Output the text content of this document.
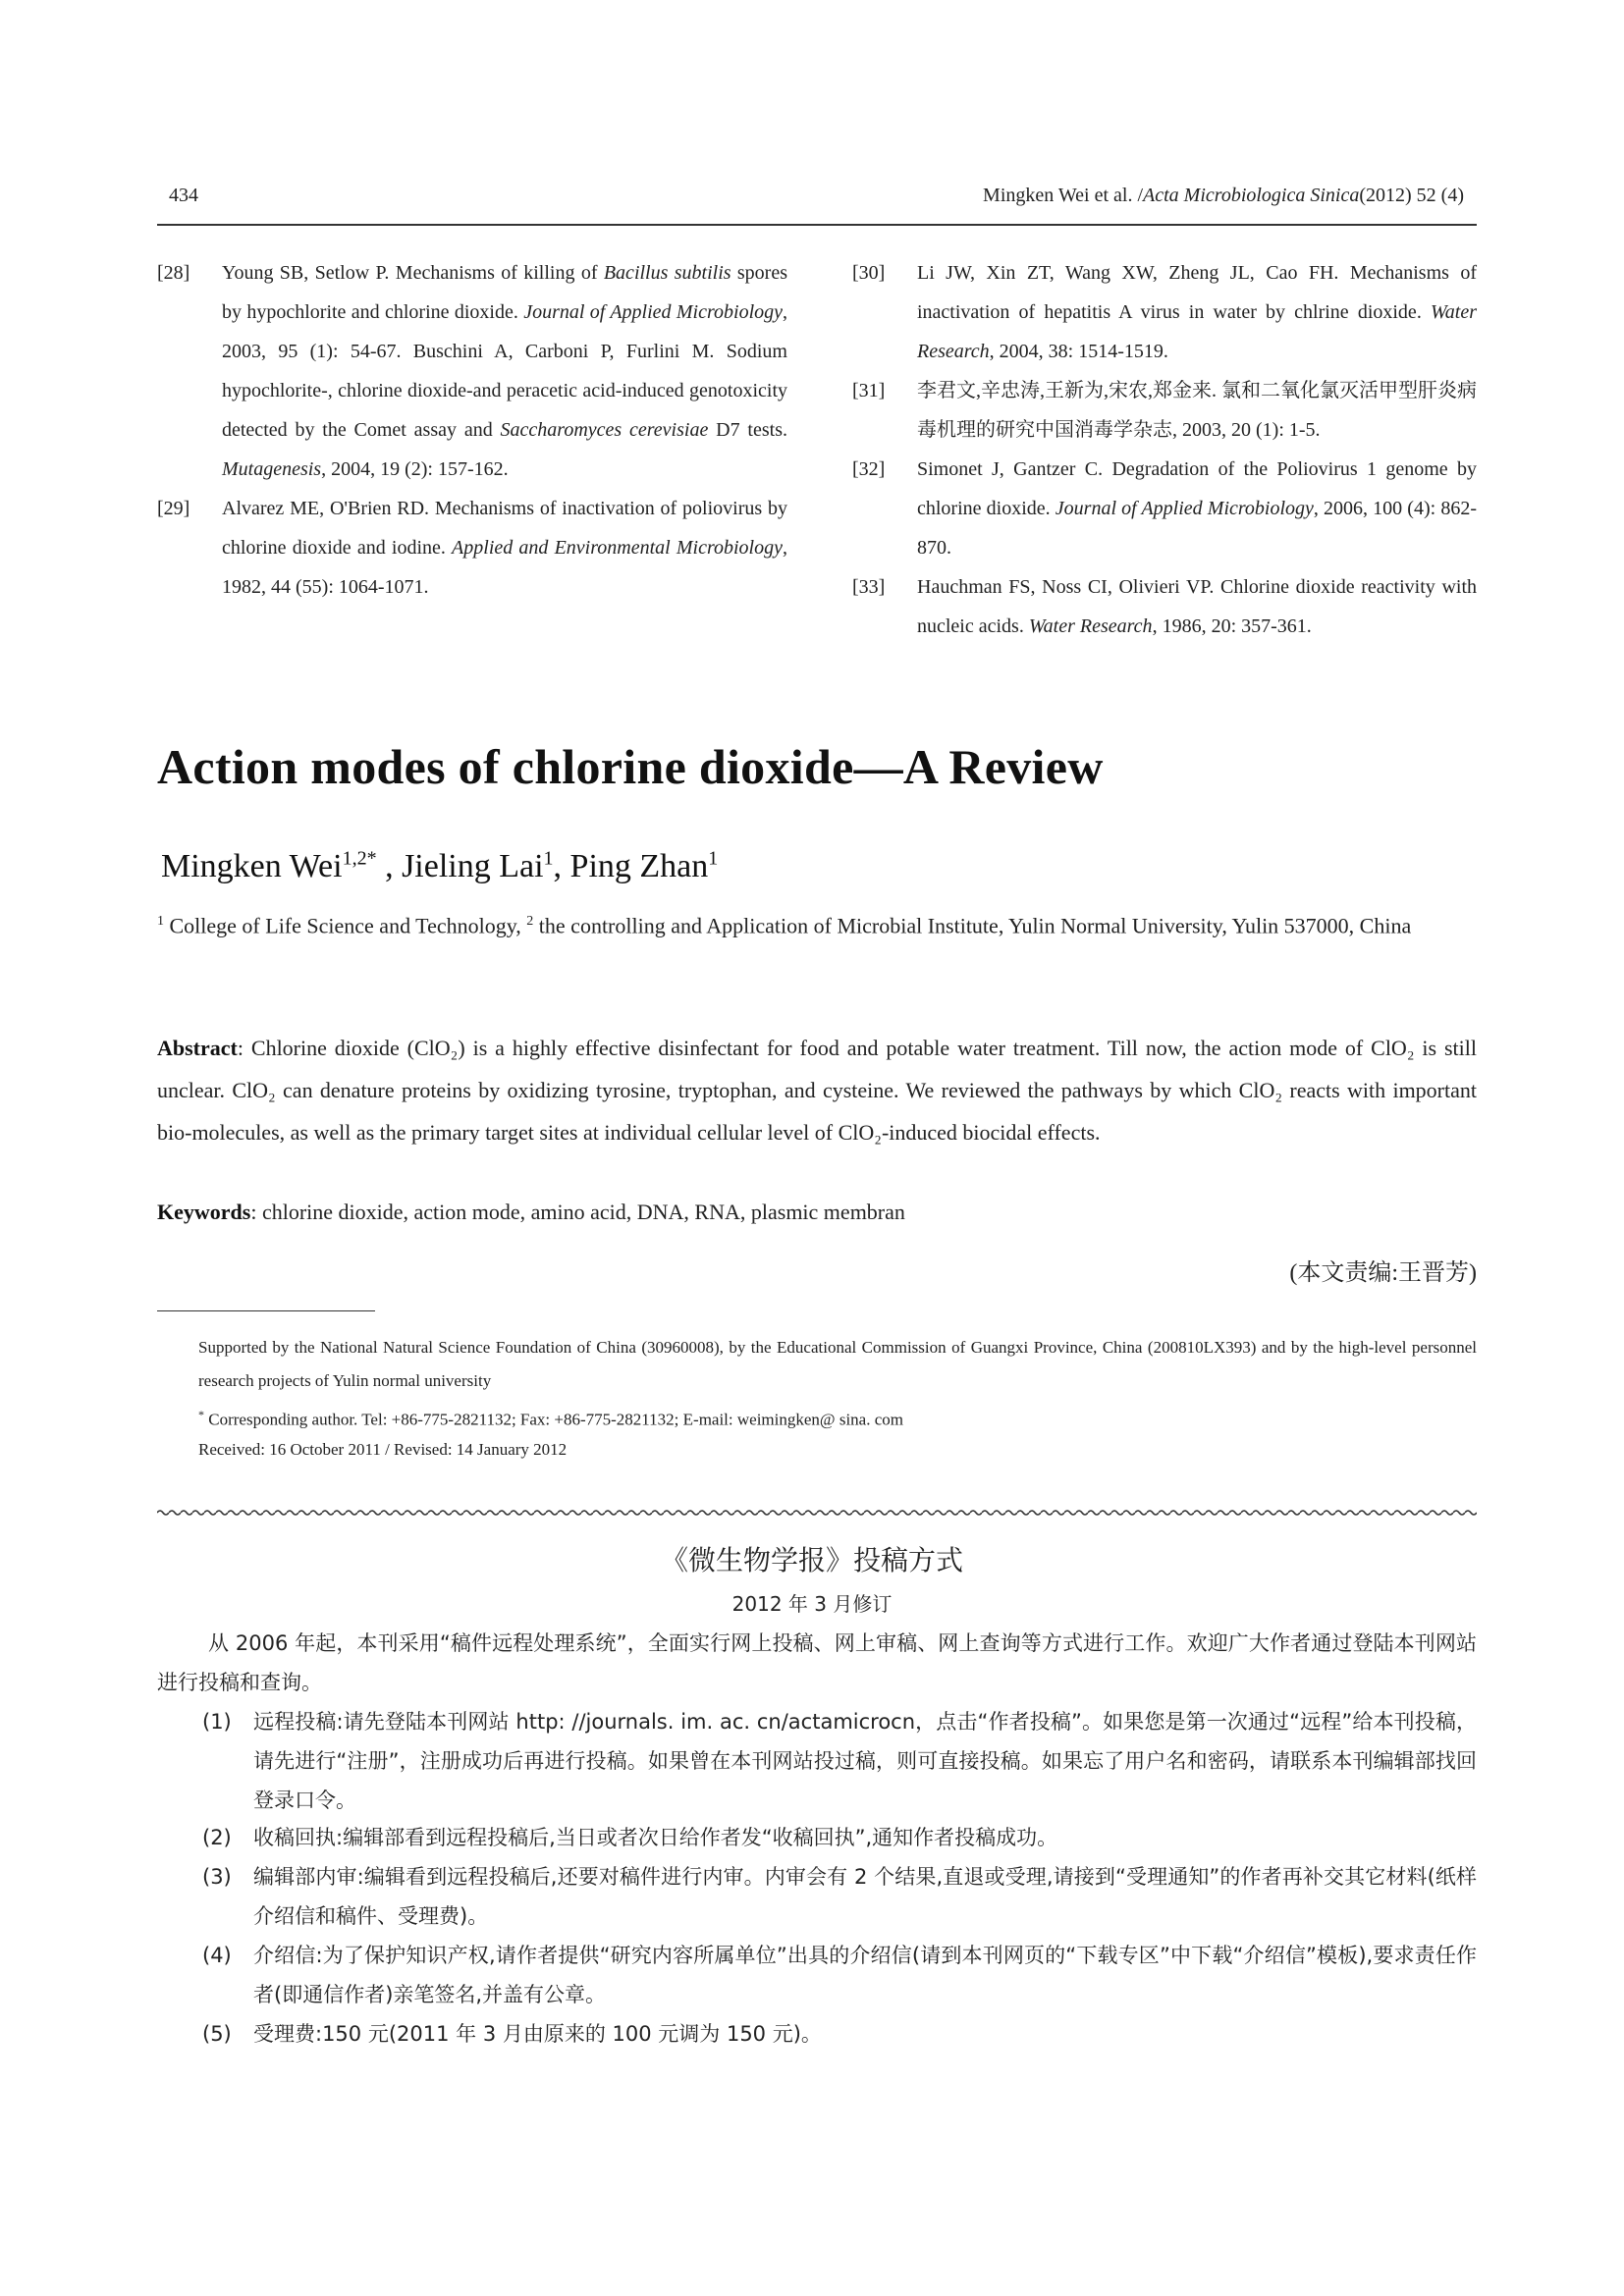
434	Mingken Wei et al. /Acta Microbiologica Sinica(2012) 52 (4)
[28]	Young SB, Setlow P. Mechanisms of killing of Bacillus subtilis spores by hypochlorite and chlorine dioxide. Journal of Applied Microbiology, 2003, 95 (1): 54-67. Buschini A, Carboni P, Furlini M. Sodium hypochlorite-, chlorine dioxide-and peracetic acid-induced genotoxicity detected by the Comet assay and Saccharomyces cerevisiae D7 tests. Mutagenesis, 2004, 19 (2): 157-162.
[29]	Alvarez ME, O'Brien RD. Mechanisms of inactivation of poliovirus by chlorine dioxide and iodine. Applied and Environmental Microbiology, 1982, 44 (55): 1064-1071.
[30]	Li JW, Xin ZT, Wang XW, Zheng JL, Cao FH. Mechanisms of inactivation of hepatitis A virus in water by chlrine dioxide. Water Research, 2004, 38: 1514-1519.
[31]	李君文,辛忠涛,王新为,宋农,郑金来. 氯和二氧化氯灭活甲型肝炎病毒机理的研究中国消毒学杂志, 2003, 20 (1): 1-5.
[32]	Simonet J, Gantzer C. Degradation of the Poliovirus 1 genome by chlorine dioxide. Journal of Applied Microbiology, 2006, 100 (4): 862-870.
[33]	Hauchman FS, Noss CI, Olivieri VP. Chlorine dioxide reactivity with nucleic acids. Water Research, 1986, 20: 357-361.
Action modes of chlorine dioxide—A Review
Mingken Wei$^{1,2*}$ , Jieling Lai$^1$, Ping Zhan$^1$
$^1$ College of Life Science and Technology, $^2$ the controlling and Application of Microbial Institute, Yulin Normal University, Yulin 537000, China
Abstract: Chlorine dioxide (ClO₂) is a highly effective disinfectant for food and potable water treatment. Till now, the action mode of ClO₂ is still unclear. ClO₂ can denature proteins by oxidizing tyrosine, tryptophan, and cysteine. We reviewed the pathways by which ClO₂ reacts with important bio-molecules, as well as the primary target sites at individual cellular level of ClO₂-induced biocidal effects.
Keywords: chlorine dioxide, action mode, amino acid, DNA, RNA, plasmic membran
(本文责编:王晋芳)
Supported by the National Natural Science Foundation of China (30960008), by the Educational Commission of Guangxi Province, China (200810LX393) and by the high-level personnel research projects of Yulin normal university
* Corresponding author. Tel: +86-775-2821132; Fax: +86-775-2821132; E-mail: weimingken@ sina. com
Received: 16 October 2011 / Revised: 14 January 2012
《微生物学报》投稿方式
2012 年 3 月修订
从 2006 年起，本刊采用“稿件远程处理系统”，全面实行网上投稿、网上审稿、网上查询等方式进行工作。欢迎广大作者通过登陆本刊网站进行投稿和查询。
(1)	远程投稿:请先登陆本刊网站 http: //journals. im. ac. cn/actamicrocn，点击“作者投稿”。如果您是第一次通过“远程”给本刊投稿，请先进行“注册”，注册成功后再进行投稿。如果曾在本刊网站投过稿，则可直接投稿。如果忘了用户名和密码，请联系本刊编辑部找回登录口令。
(2)	收稿回执:编辑部看到远程投稿后,当日或者次日给作者发“收稿回执”,通知作者投稿成功。
(3)	编辑部内审:编辑看到远程投稿后,还要对稿件进行内审。内审会有 2 个结果,直退或受理,请接到“受理通知”的作者再补交其它材料(纸样介绍信和稿件、受理费)。
(4)	介绍信:为了保护知识产权,请作者提供“研究内容所属单位”出具的介绍信(请到本刊网页的“下载专区”中下载“介绍信”模板),要求责任作者(即通信作者)亲笔签名,并盖有公章。
(5)	受理费:150 元(2011 年 3 月由原来的 100 元调为 150 元)。
